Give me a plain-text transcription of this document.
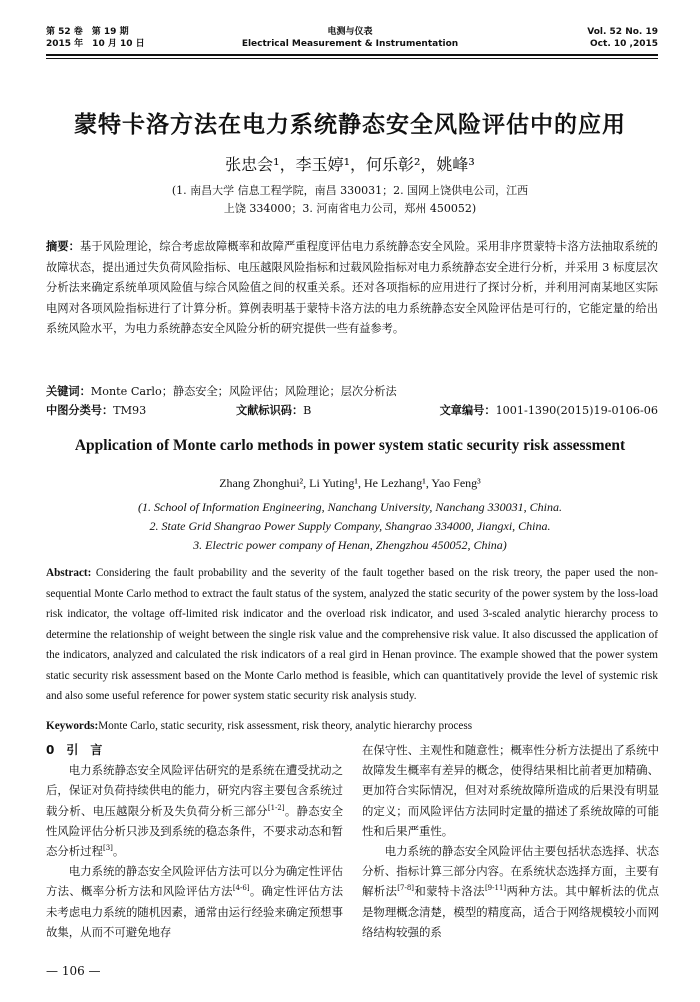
第 52 卷　第 19 期
2015 年　10 月 10 日
电测与仪表
Electrical Measurement & Instrumentation
Vol. 52 No. 19
Oct. 10 ,2015
蒙特卡洛方法在电力系统静态安全风险评估中的应用
张忠会¹，李玉婷¹，何乐彰²，姚峰³
(1. 南昌大学 信息工程学院，南昌 330031；2. 国网上饶供电公司，江西
上饶 334000；3. 河南省电力公司，郑州 450052)
摘要：基于风险理论，综合考虑故障概率和故障严重程度评估电力系统静态安全风险。采用非序贯蒙特卡洛方法抽取系统的故障状态，提出通过失负荷风险指标、电压越限风险指标和过载风险指标对电力系统静态安全进行分析，并采用 3 标度层次分析法来确定系统单项风险值与综合风险值之间的权重关系。还对各项指标的应用进行了探讨分析，并利用河南某地区实际电网对各项风险指标进行了计算分析。算例表明基于蒙特卡洛方法的电力系统静态安全风险评估是可行的，它能定量的给出系统风险水平，为电力系统静态安全风险分析的研究提供一些有益参考。
关键词：Monte Carlo；静态安全；风险评估；风险理论；层次分析法
中图分类号：TM93	文献标识码：B	文章编号：1001-1390(2015)19-0106-06
Application of Monte carlo methods in power system static security risk assessment
Zhang Zhonghui², Li Yuting¹, He Lezhang¹, Yao Feng³
(1. School of Information Engineering, Nanchang University, Nanchang 330031, China.
2. State Grid Shangrao Power Supply Company, Shangrao 334000, Jiangxi, China.
3. Electric power company of Henan, Zhengzhou 450052, China)
Abstract: Considering the fault probability and the severity of the fault together based on the risk treory, the paper used the non-sequential Monte Carlo method to extract the fault status of the system, analyzed the static security of the power system by the loss-load risk indicator, the voltage off-limited risk indicator and the overload risk indicator, and used 3-scaled analytic hierarchy process to determine the relationship of weight between the single risk value and the comprehensive risk value. It also discussed the application of the indicators, analyzed and calculated the risk indicators of a real gird in Henan province. The example showed that the power system static security risk assessment based on the Monte Carlo method is feasible, which can quantitatively provide the level of systemic risk and also some useful reference for power system static security risk analysis study.
Keywords:Monte Carlo, static security, risk assessment, risk theory, analytic hierarchy process
0　引　言

电力系统静态安全风险评估研究的是系统在遭受扰动之后，保证对负荷持续供电的能力，研究内容主要包含系统过载分析、电压越限分析及失负荷分析三部分[1-2]。静态安全性风险评估分析只涉及到系统的稳态条件，不要求动态和暂态分析过程[3]。

电力系统的静态安全风险评估方法可以分为确定性评估方法、概率分析方法和风险评估方法[4-6]。确定性评估方法未考虑电力系统的随机因素，通常由运行经验来确定预想事故集，从而不可避免地存

在保守性、主观性和随意性；概率性分析方法提出了系统中故障发生概率有差异的概念，使得结果相比前者更加精确、更加符合实际情况，但对对系统故障所造成的后果没有明显的定义；而风险评估方法同时定量的描述了系统故障的可能性和后果严重性。

电力系统的静态安全风险评估主要包括状态选择、状态分析、指标计算三部分内容。在系统状态选择方面，主要有解析法[7-8]和蒙特卡洛法[9-11]两种方法。其中解析法的优点是物理概念清楚，模型的精度高，适合于网络规模较小而网络结构较强的系

— 106 —
